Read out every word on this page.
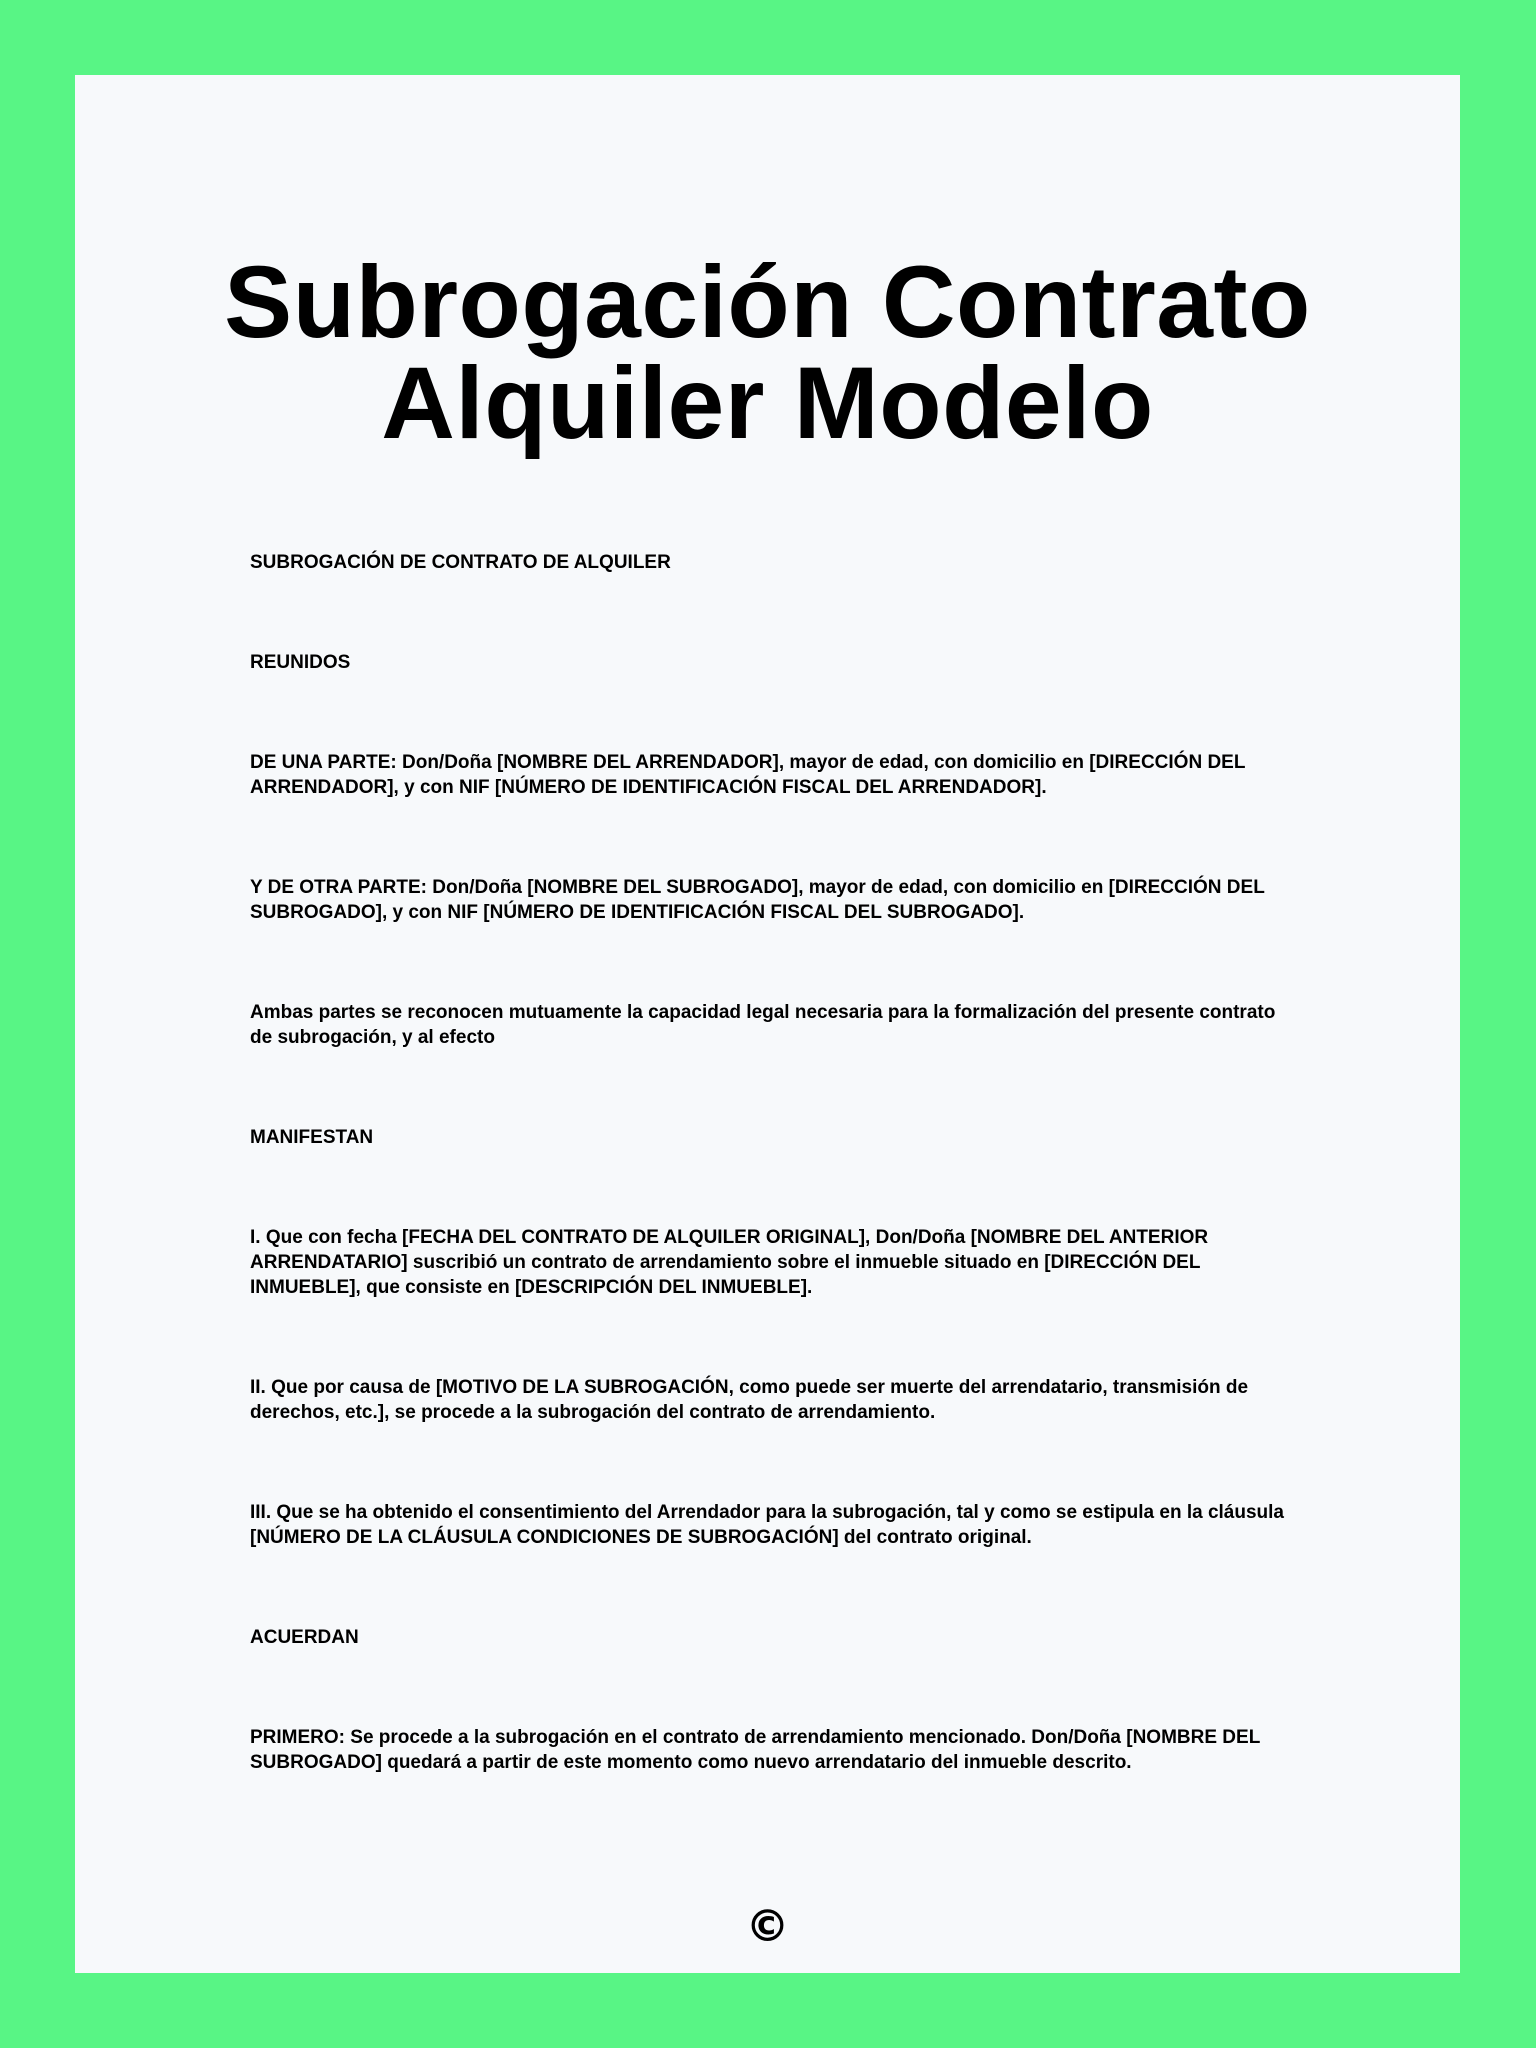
Subrogación Contrato
Alquiler Modelo

SUBROGACIÓN DE CONTRATO DE ALQUILER

REUNIDOS

DE UNA PARTE: Don/Doña [NOMBRE DEL ARRENDADOR], mayor de edad, con domicilio en [DIRECCIÓN DEL ARRENDADOR], y con NIF [NÚMERO DE IDENTIFICACIÓN FISCAL DEL ARRENDADOR].

Y DE OTRA PARTE: Don/Doña [NOMBRE DEL SUBROGADO], mayor de edad, con domicilio en [DIRECCIÓN DEL SUBROGADO], y con NIF [NÚMERO DE IDENTIFICACIÓN FISCAL DEL SUBROGADO].

Ambas partes se reconocen mutuamente la capacidad legal necesaria para la formalización del presente contrato de subrogación, y al efecto

MANIFESTAN

I. Que con fecha [FECHA DEL CONTRATO DE ALQUILER ORIGINAL], Don/Doña [NOMBRE DEL ANTERIOR ARRENDATARIO] suscribió un contrato de arrendamiento sobre el inmueble situado en [DIRECCIÓN DEL INMUEBLE], que consiste en [DESCRIPCIÓN DEL INMUEBLE].

II. Que por causa de [MOTIVO DE LA SUBROGACIÓN, como puede ser muerte del arrendatario, transmisión de derechos, etc.], se procede a la subrogación del contrato de arrendamiento.

III. Que se ha obtenido el consentimiento del Arrendador para la subrogación, tal y como se estipula en la cláusula [NÚMERO DE LA CLÁUSULA CONDICIONES DE SUBROGACIÓN] del contrato original.

ACUERDAN

PRIMERO: Se procede a la subrogación en el contrato de arrendamiento mencionado. Don/Doña [NOMBRE DEL SUBROGADO] quedará a partir de este momento como nuevo arrendatario del inmueble descrito.

©
